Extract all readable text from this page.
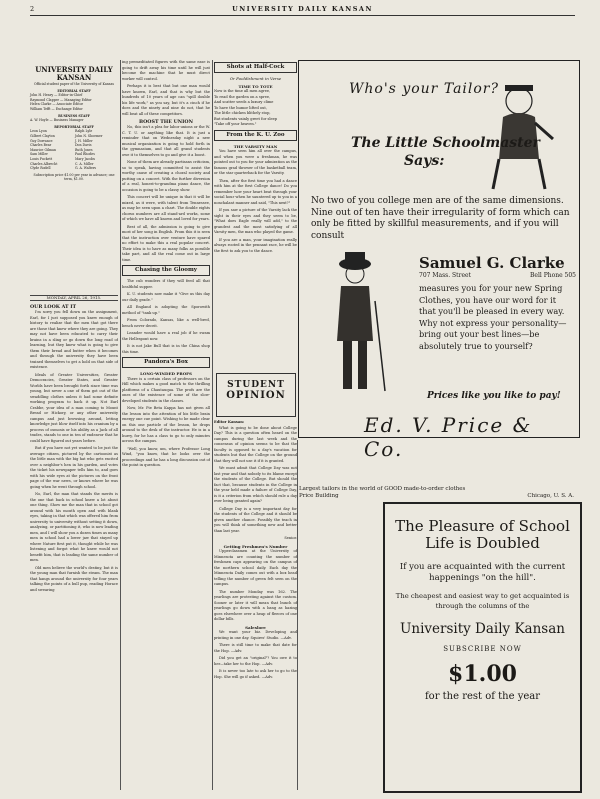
2	UNIVERSITY DAILY KANSAN
UNIVERSITY DAILY KANSAN
Official student paper of the University of Kansas
EDITORIAL STAFF
John H. Henry — Editor-in-Chief
Raymond Clapper — Managing Editor
Helen Clarke — Associate Editor
William Tefft — Exchange Editor
BUSINESS STAFF
A. W. Hoyle — Business Manager
REPORTORIAL STAFF
Leon Lyon
Gilbert Clayton
Guy Dorrance
Charles Bear
Maurice Gilman
Sam Miller
Louis Puckett
Charles Albrecht
Clyde Rodell
Ralph Lyle
John N. Shoemer
J. H. Miller
Don Davis
Ruth Jones
Paul Rhodes
Mary Jacobs
C. A. Miller
G. A. Walters
Subscription price $1.00 per year in advance; one term, $1.00.
MONDAY, APRIL 26, 1915.
OUR LOOK AT IT

I'm sorry you fell down on the assignment, Earl, for I just supposed you knew enough of history to realize that the men that got there are those that knew where they are going. They may not have been educated to carry their brains in a sling or go down the long road of learning, but they knew what is going to give them their bread and butter when it becomes and through the university they have been trained themselves to get a hold on that side of existence.

Ideals of Greater Universities, Greater Democracies, Greater States, and Greater Worlds have been brought forth since time was young, but never a one of them got out of the swaddling clothes unless it had some definite working program to back it up. Not Earl Crabbe, your idea of a man coming to Mount Bread or Hickory, or any other university campus and just browsing around, letting knowledge just blow itself into his cranium by a process of osmosis or his ability as a Jack of all trades, stands to one in ten of endeavor that he could have figured out years before.

But if you have not yet wanted to be just the average citizen, pictured by the cartoonist as the little man with the big hat who gets excited over a neighbor's hen in his garden, and votes the ticket his newspaper tells him to, and goes with his wide eyes at the pictures on the front page of the war news, or knows where he was going when he went through school.

No, Earl, the man that stands the merits is the one that back in school knew a lot about one thing. Show me the man that in school got around with his mouth open and with blank eyes, taking in that which was offered him from university to university without setting it down, analyzing, or partitioning it, who is now leading men, and I will show you a dozen times as many men in school had a lower jaw that stayed up where Nature first put it, thought while he was listening and forgot what he knew would not benefit him, that is leading the same number of men.

Old men believe the world's destiny, but it is the young man that furnish the steam. The man that hangs around the university for four years talking the points of a bull pup, reading Horace and swearing

ing premeditated figures with the same ease is going to drift away his time until he will just become the machine that he must direct worker will control.

Perhaps it is best that but one man would have known, Earl, and that is why but the hundreds of 10 years of age can "spill double his life work," as you say, but it's a cinch if he does and the ninety and nine do not, that he will beat all of these competitors.

BOOST THE UNION

No, this isn't a plea for labor unions or the W. C. T. U. or anything like that. It is just a reminder that on Wednesday night a new musical organization is going to hold forth in the gymnasium, and that all grand students owe it to themselves to go and give it a boost.

None of them are already partisans criticism, so to speak, having committed to assist the worthy cause of creating a choral society and putting on a concert. With the further diversion of a real, honest-to-grandma piano dance, the occasion is going to be a classy show.

This concert will be unique in that it will be mixed, as it were, with talent from Tennessee, as may be seen upon a chart. The double eights chorus numbers are all stand-ard works, some of which we have all known and loved for years.

Best of all, the admission is going to give most of her song in English. From this it is seen that the instruction over venture have spared no effort to make this a real popular concert. Their idea is to have as many folks as possible take part, and all the real come out in large time.

Chasing the Gloomy

The cub wonders if they will feed all that healthful supper.

K. U. students now make it "Give us this day our daily grade."

All England is adopting the Sporowith method of "tank up."

From Colorado, Kansas, like a well-bred, bench never deceit.

Leander would have a real job if he swam the Hellespont now.

It is not Jake Bull that is in the China shop this time.

Pandora's Box
LONG-WINDED PROFS

There is a certain class of professors on the Hill which makes a good match to the thrilling platforms of a Chautauqua. The profs are the ones of the existence of some of the slow-developed students in the classes.

Now, Mr. Pie Beta Kappa has not given all the lesson into the attention of his little brain energy one cue point. Wishing to be made clear on this one particle of the lesson, he drops around to the desk of the instructor. He is in a hurry, for he has a class to go to only minutes across the campus.

"Well, you know, um, where Professor Long Wind, "you know, that he looks over the proceedings and he has a long discussion out of the point in question.

Shots at Half-Cock
Or Fooldishment in Verse
TIME TO TOTE
Now is the time all men agree,
To read the garden on a spree,
And scatter seeds a luxury clime
To have the humor lifted out,
The little chicken blithely stop,
But students vainly greet for sleep
"Take off your heaven."
From the K. U. Zoo
THE VARSITY MAN

You have seen him all over the campus, and when you were a freshman, he was pointed out to you for your admiration as the famous grad thrower of the basketball team, or the star quarterback for the Varsity.

Then, after the first time you had a dance with him at the first College dance! Do you remember how your heart beat through your social hour when he sauntered up to you in a nonchalant manner and said, "This next?"

If you saw a picture of the Varsity lack the sight in their eyes and they seem to be, "What does Eagle really will add," to the grandest and the most satisfying of all Varsity men, the man who played the game.

If you are a man, your imagination really always rooted in the pennant race, he will be the first to ask you to the dance.

STUDENT
OPINION
Editor Kansan:

What is going to be done about College Day? This is a question often heard on the campus during the last week and the consensus of opinion seems to be that the faculty is opposed to a day's vacation for students but that the College on the ground that they will not use it if it is granted.

We must admit that College Day was not last year and that nobody to its blame except the students of the College. But should the fact that, because students in the College in the year held made a failure of College Day, is it a criterion from which should rule a day ever being granted again?

College Day is a very important day for the students of the College and it should be given another chance. Possibly the teach in you will think of something new and better than last year.

Senior.
Getting Freshmen's Number

Upperclassmen at the University of Minnesota are counting the number of freshmen caps appearing on the campus of the northern school daily. Each day the Minnesota Daily comes out with a box head telling the number of green felt seen on the campus.

The number Monday was 162. The yearlings are protesting against the custom. Sooner or later it will mean that bunch of yearlings go down with a bang as hazing goes elsewhere over a heap of fleeces of one dollar bills.

Saleslore

We want your biz. Developing and printing in one day. Squires' Studio. —Adv.

There is still time to make that date for the Hop. —Adv.

Did you get an "original"? You owe it to her—take her to the Hop. —Adv.

It is never too late to ask her to go to the Hop. She will go if asked. —Adv.

Who's your Tailor?
The Little Schoolmaster
Says:
No two of you college men are of the same dimensions. Nine out of ten have their irregularity of form which can only be fitted by skillful measurements, and if you will consult
Samuel G. Clarke
707 Mass. Street	Bell Phone 505
measures you for your new Spring Clothes, you have our word for it that you'll be pleased in every way. Why not express your personality—bring out your best lines—be absolutely true to yourself?
Prices like you like to pay!
Ed. V. Price & Co.
Largest tailors in the world of GOOD made-to-order clothes
Price Building	Chicago, U. S. A.
The Pleasure of School Life is Doubled
If you are acquainted with the current happenings "on the hill".
The cheapest and easiest way to get acquainted is through the columns of the
University Daily Kansan
SUBSCRIBE NOW
$1.00
for the rest of the year
